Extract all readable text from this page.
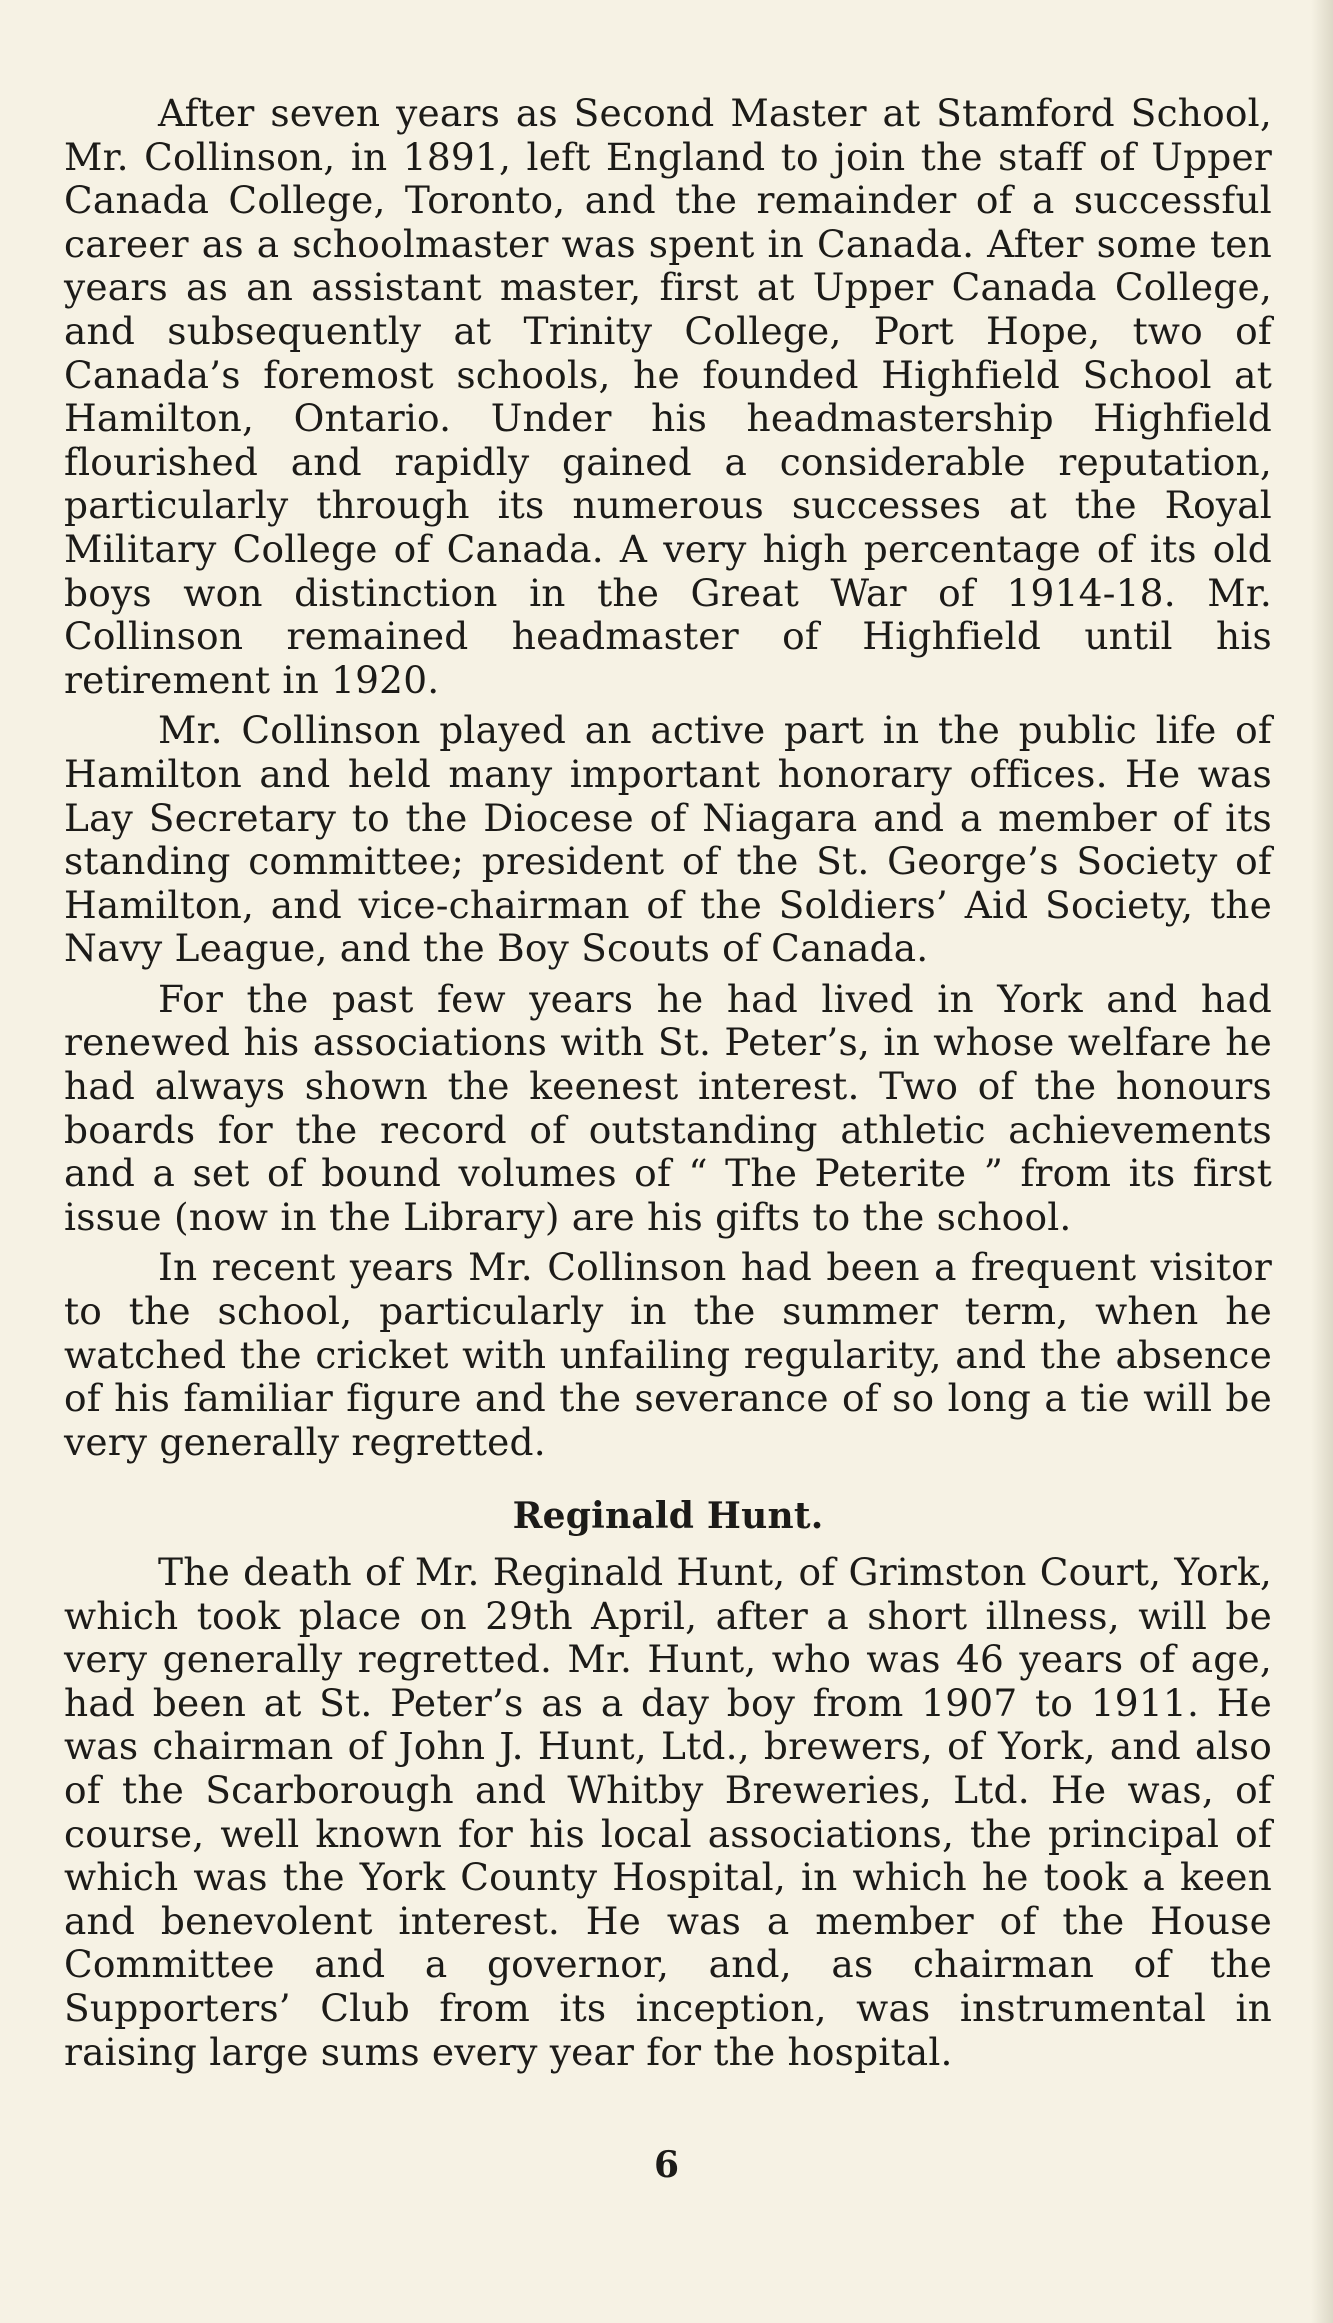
After seven years as Second Master at Stamford School, Mr. Collinson, in 1891, left England to join the staff of Upper Canada College, Toronto, and the remainder of a successful career as a schoolmaster was spent in Canada. After some ten years as an assistant master, first at Upper Canada College, and subsequently at Trinity College, Port Hope, two of Canada’s foremost schools, he founded Highfield School at Hamilton, Ontario. Under his headmastership Highfield flourished and rapidly gained a considerable reputation, particularly through its numerous successes at the Royal Military College of Canada. A very high percentage of its old boys won distinction in the Great War of 1914-18. Mr. Collinson remained headmaster of Highfield until his retirement in 1920.

Mr. Collinson played an active part in the public life of Hamilton and held many important honorary offices. He was Lay Secretary to the Diocese of Niagara and a member of its standing committee; president of the St. George’s Society of Hamilton, and vice-chairman of the Soldiers’ Aid Society, the Navy League, and the Boy Scouts of Canada.

For the past few years he had lived in York and had renewed his associations with St. Peter’s, in whose welfare he had always shown the keenest interest. Two of the honours boards for the record of outstanding athletic achievements and a set of bound volumes of “ The Peterite ” from its first issue (now in the Library) are his gifts to the school.

In recent years Mr. Collinson had been a frequent visitor to the school, particularly in the summer term, when he watched the cricket with unfailing regularity, and the absence of his familiar figure and the severance of so long a tie will be very generally regretted.

Reginald Hunt.

The death of Mr. Reginald Hunt, of Grimston Court, York, which took place on 29th April, after a short illness, will be very generally regretted. Mr. Hunt, who was 46 years of age, had been at St. Peter’s as a day boy from 1907 to 1911. He was chairman of John J. Hunt, Ltd., brewers, of York, and also of the Scarborough and Whitby Breweries, Ltd. He was, of course, well known for his local associations, the principal of which was the York County Hospital, in which he took a keen and benevolent interest. He was a member of the House Committee and a governor, and, as chairman of the Supporters’ Club from its inception, was instrumental in raising large sums every year for the hospital.

6
